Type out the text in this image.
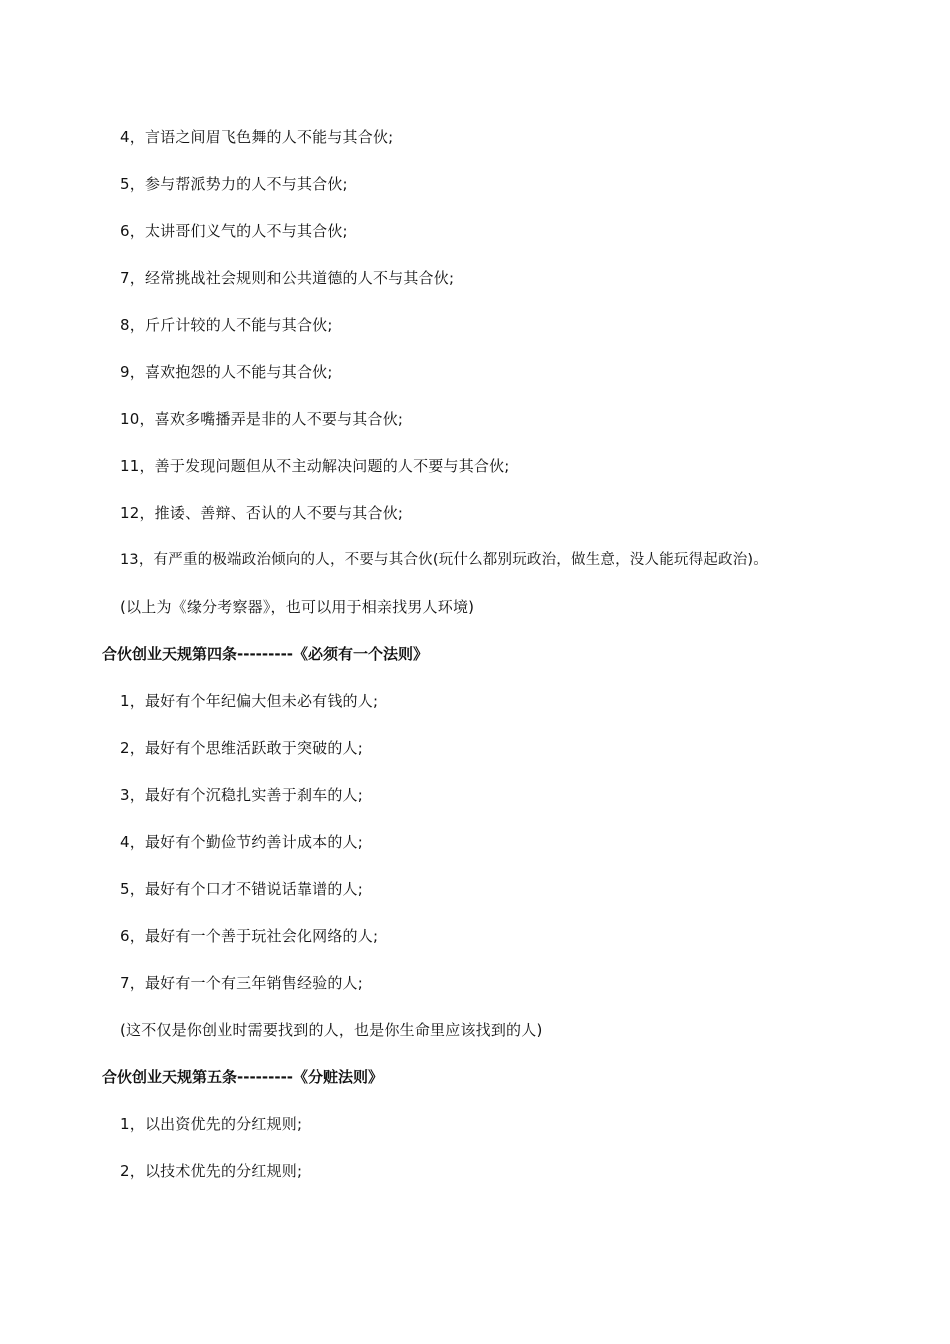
4，言语之间眉飞色舞的人不能与其合伙;

5，参与帮派势力的人不与其合伙;

6，太讲哥们义气的人不与其合伙;

7，经常挑战社会规则和公共道德的人不与其合伙;

8，斤斤计较的人不能与其合伙;

9，喜欢抱怨的人不能与其合伙;

10，喜欢多嘴播弄是非的人不要与其合伙;

11，善于发现问题但从不主动解决问题的人不要与其合伙;

12，推诿、善辩、否认的人不要与其合伙;

13，有严重的极端政治倾向的人，不要与其合伙(玩什么都别玩政治，做生意，没人能玩得起政治)。

(以上为《缘分考察器》，也可以用于相亲找男人环境)

合伙创业天规第四条---------《必须有一个法则》

1，最好有个年纪偏大但未必有钱的人;

2，最好有个思维活跃敢于突破的人;

3，最好有个沉稳扎实善于刹车的人;

4，最好有个勤俭节约善计成本的人;

5，最好有个口才不错说话靠谱的人;

6，最好有一个善于玩社会化网络的人;

7，最好有一个有三年销售经验的人;

(这不仅是你创业时需要找到的人，也是你生命里应该找到的人)

合伙创业天规第五条---------《分赃法则》

1，以出资优先的分红规则;

2，以技术优先的分红规则;
